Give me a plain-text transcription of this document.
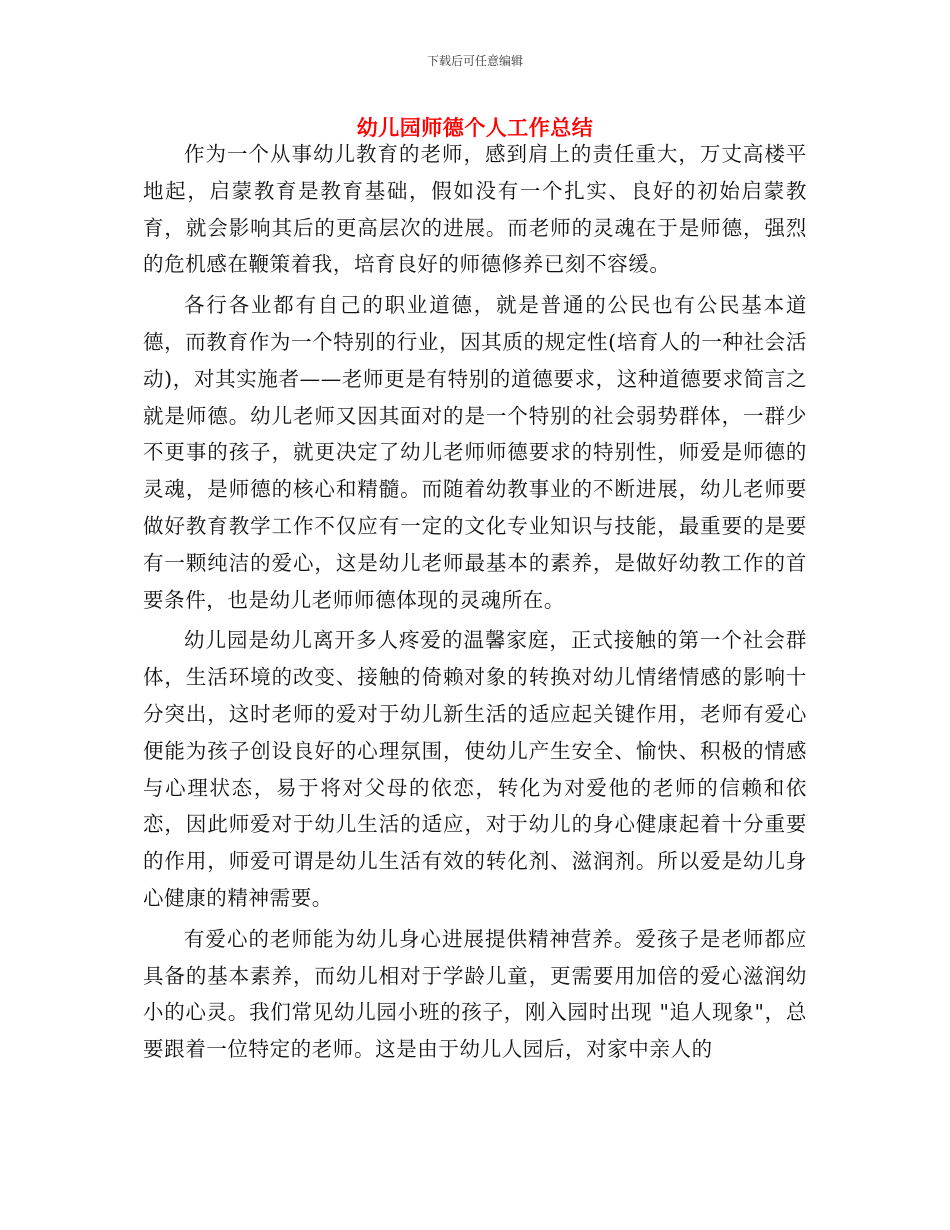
下载后可任意编辑
幼儿园师德个人工作总结

作为一个从事幼儿教育的老师，感到肩上的责任重大，万丈高楼平地起，启蒙教育是教育基础，假如没有一个扎实、良好的初始启蒙教育，就会影响其后的更高层次的进展。而老师的灵魂在于是师德，强烈的危机感在鞭策着我，培育良好的师德修养已刻不容缓。

各行各业都有自己的职业道德，就是普通的公民也有公民基本道德，而教育作为一个特别的行业，因其质的规定性(培育人的一种社会活动)，对其实施者——老师更是有特别的道德要求，这种道德要求简言之就是师德。幼儿老师又因其面对的是一个特别的社会弱势群体，一群少不更事的孩子，就更决定了幼儿老师师德要求的特别性，师爱是师德的灵魂，是师德的核心和精髓。而随着幼教事业的不断进展，幼儿老师要做好教育教学工作不仅应有一定的文化专业知识与技能，最重要的是要有一颗纯洁的爱心，这是幼儿老师最基本的素养，是做好幼教工作的首要条件，也是幼儿老师师德体现的灵魂所在。

幼儿园是幼儿离开多人疼爱的温馨家庭，正式接触的第一个社会群体，生活环境的改变、接触的倚赖对象的转换对幼儿情绪情感的影响十分突出，这时老师的爱对于幼儿新生活的适应起关键作用，老师有爱心便能为孩子创设良好的心理氛围，使幼儿产生安全、愉快、积极的情感与心理状态，易于将对父母的依恋，转化为对爱他的老师的信赖和依恋，因此师爱对于幼儿生活的适应，对于幼儿的身心健康起着十分重要的作用，师爱可谓是幼儿生活有效的转化剂、滋润剂。所以爱是幼儿身心健康的精神需要。

有爱心的老师能为幼儿身心进展提供精神营养。爱孩子是老师都应具备的基本素养，而幼儿相对于学龄儿童，更需要用加倍的爱心滋润幼小的心灵。我们常见幼儿园小班的孩子，刚入园时出现 "追人现象"，总要跟着一位特定的老师。这是由于幼儿人园后，对家中亲人的
